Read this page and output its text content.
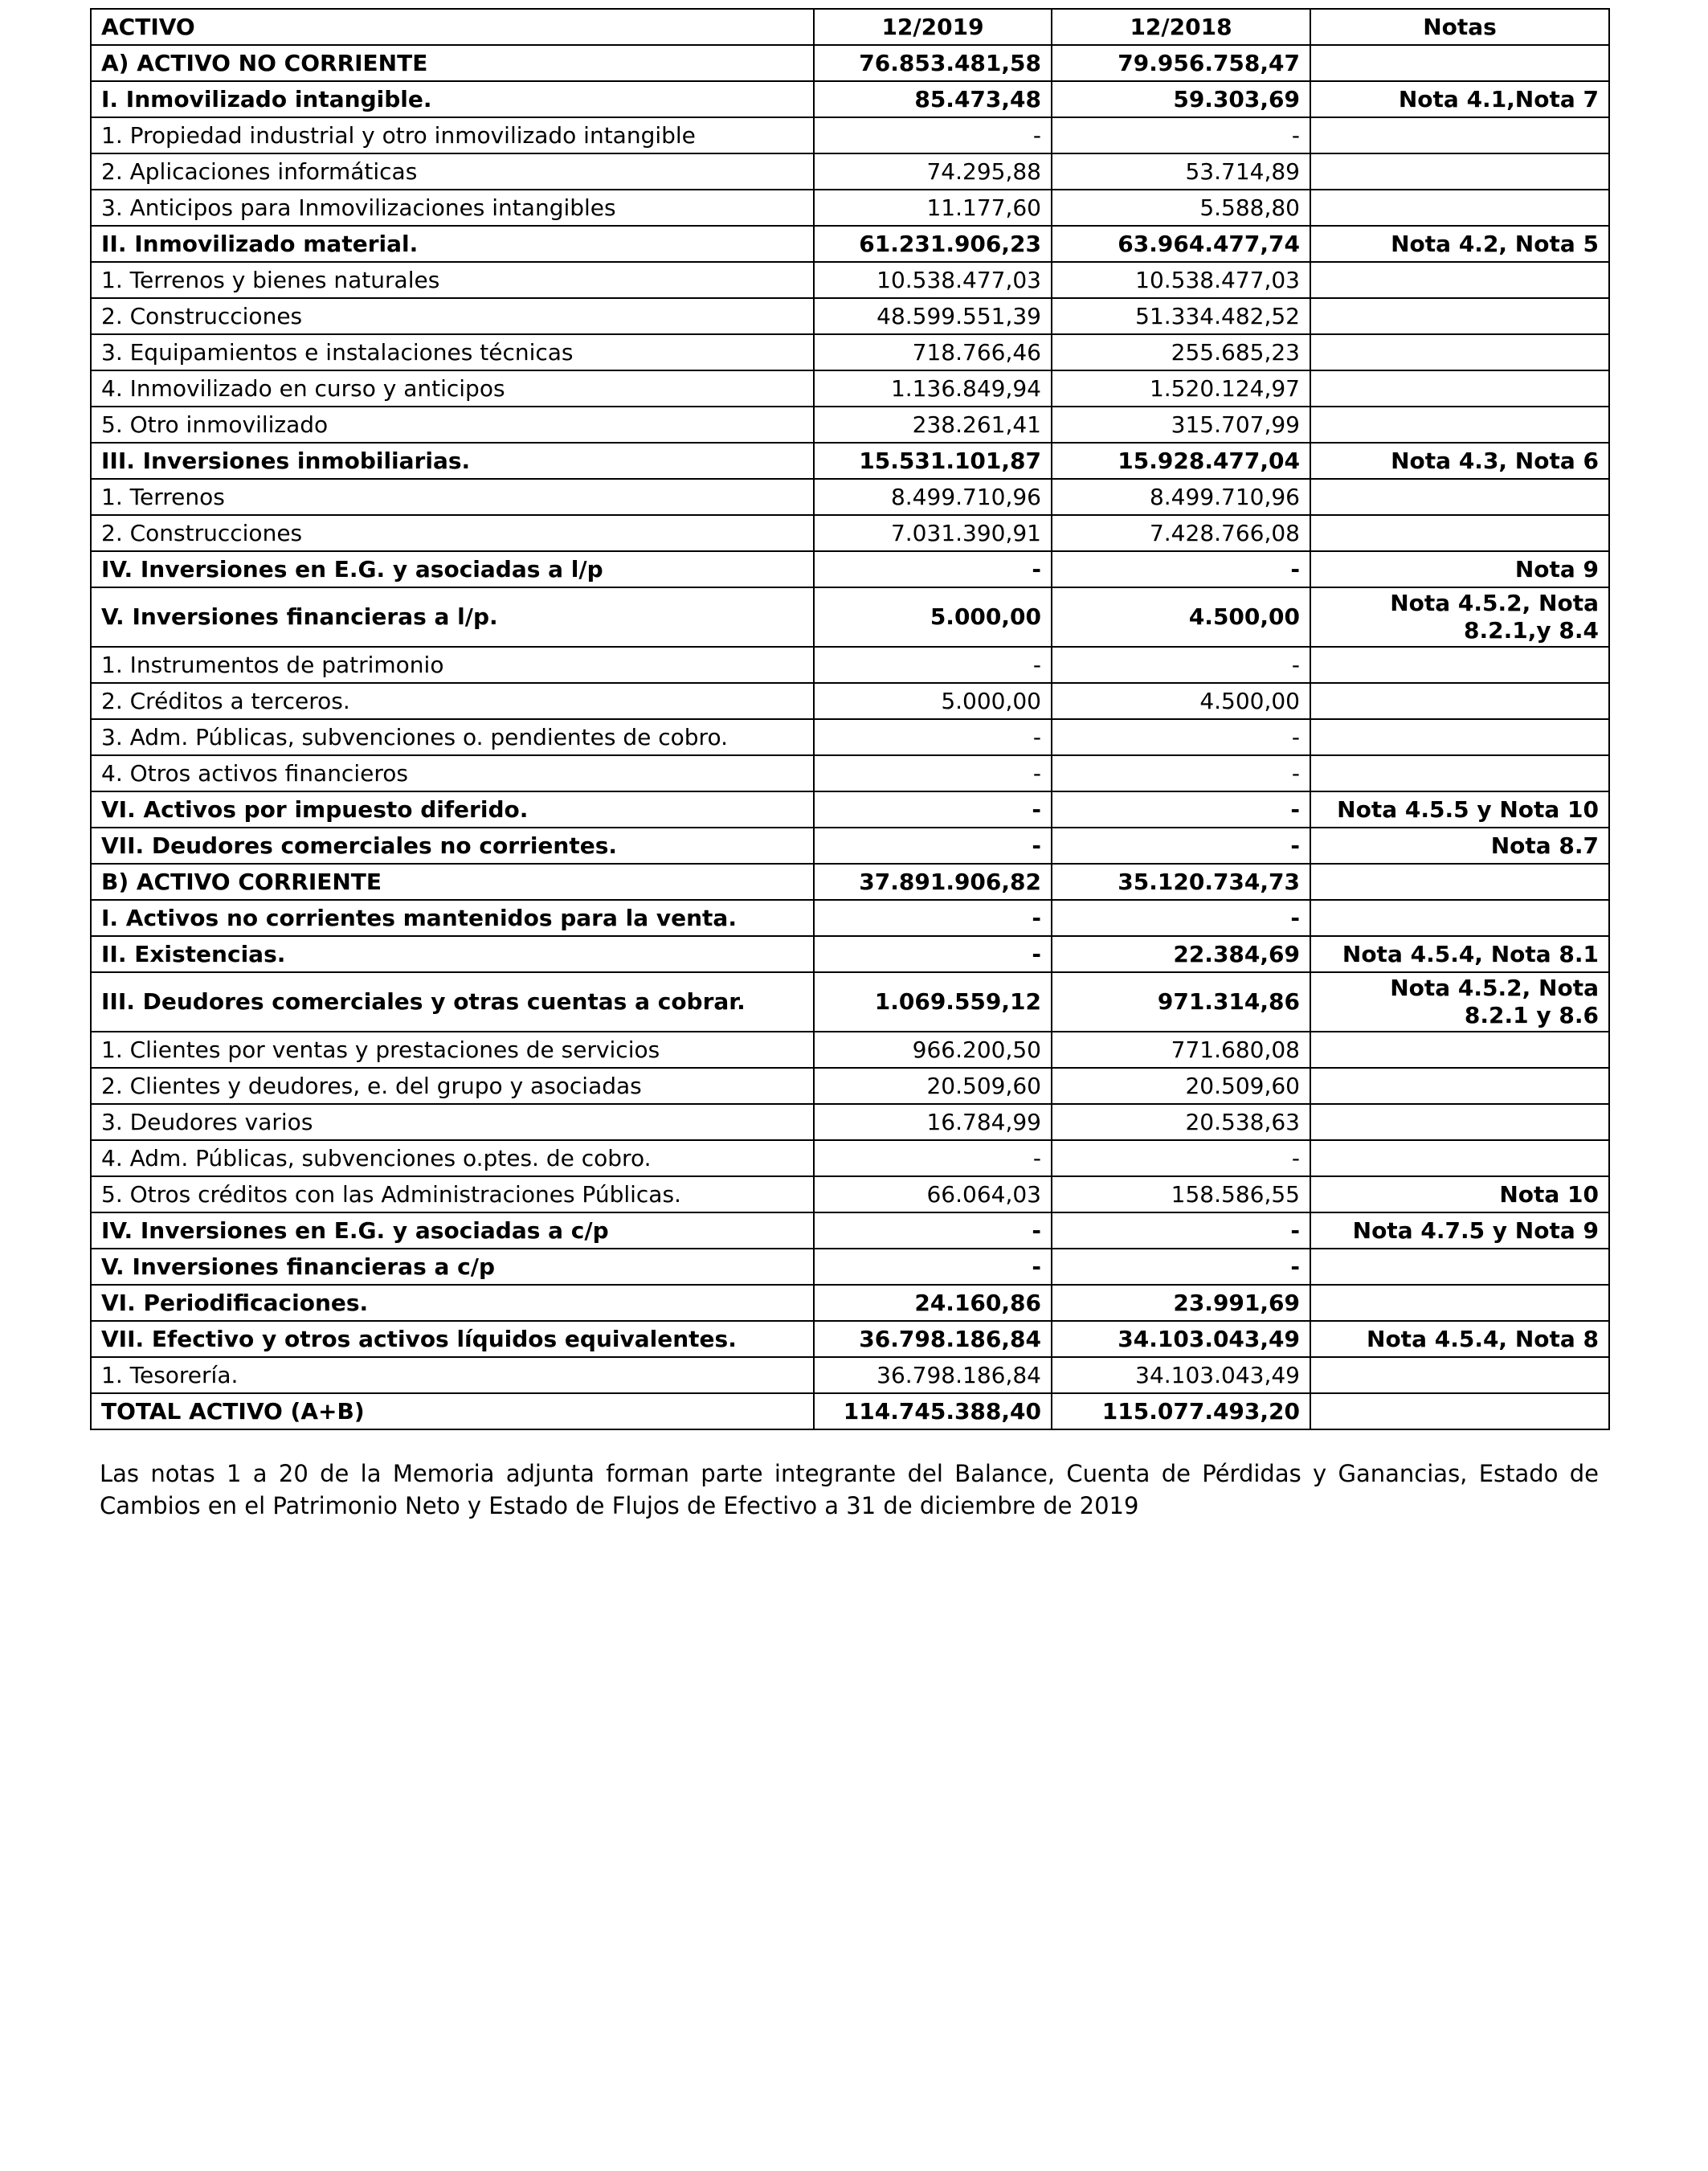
ACTIVO	12/2019	12/2018	Notas
A) ACTIVO NO CORRIENTE	76.853.481,58	79.956.758,47	
I. Inmovilizado intangible.	85.473,48	59.303,69	Nota 4.1,Nota 7
1. Propiedad industrial y otro inmovilizado intangible	-	-	
2. Aplicaciones informáticas	74.295,88	53.714,89	
3. Anticipos para Inmovilizaciones intangibles	11.177,60	5.588,80	
II. Inmovilizado material.	61.231.906,23	63.964.477,74	Nota 4.2, Nota 5
1. Terrenos y bienes naturales	10.538.477,03	10.538.477,03	
2. Construcciones	48.599.551,39	51.334.482,52	
3. Equipamientos e instalaciones técnicas	718.766,46	255.685,23	
4. Inmovilizado en curso y anticipos	1.136.849,94	1.520.124,97	
5. Otro inmovilizado	238.261,41	315.707,99	
III. Inversiones inmobiliarias.	15.531.101,87	15.928.477,04	Nota 4.3, Nota 6
1. Terrenos	8.499.710,96	8.499.710,96	
2. Construcciones	7.031.390,91	7.428.766,08	
IV. Inversiones en E.G. y asociadas a l/p	-	-	Nota 9
V. Inversiones financieras a l/p.	5.000,00	4.500,00	Nota 4.5.2, Nota 8.2.1,y 8.4
1. Instrumentos de patrimonio	-	-	
2. Créditos a terceros.	5.000,00	4.500,00	
3. Adm. Públicas, subvenciones o. pendientes de cobro.	-	-	
4. Otros activos financieros	-	-	
VI. Activos por impuesto diferido.	-	-	Nota 4.5.5 y Nota 10
VII. Deudores comerciales no corrientes.	-	-	Nota 8.7
B) ACTIVO CORRIENTE	37.891.906,82	35.120.734,73	
I. Activos no corrientes mantenidos para la venta.	-	-	
II. Existencias.	-	22.384,69	Nota 4.5.4, Nota 8.1
III. Deudores comerciales y otras cuentas a cobrar.	1.069.559,12	971.314,86	Nota 4.5.2, Nota 8.2.1 y 8.6
1. Clientes por ventas y prestaciones de servicios	966.200,50	771.680,08	
2. Clientes y deudores, e. del grupo y asociadas	20.509,60	20.509,60	
3. Deudores varios	16.784,99	20.538,63	
4. Adm. Públicas, subvenciones o.ptes. de cobro.	-	-	
5. Otros créditos con las Administraciones Públicas.	66.064,03	158.586,55	Nota 10
IV. Inversiones en E.G. y asociadas a c/p	-	-	Nota 4.7.5 y Nota 9
V. Inversiones financieras a c/p	-	-	
VI. Periodificaciones.	24.160,86	23.991,69	
VII. Efectivo y otros activos líquidos equivalentes.	36.798.186,84	34.103.043,49	Nota 4.5.4, Nota 8
1. Tesorería.	36.798.186,84	34.103.043,49	
TOTAL ACTIVO (A+B)	114.745.388,40	115.077.493,20	

Las notas 1 a 20 de la Memoria adjunta forman parte integrante del Balance, Cuenta de Pérdidas y Ganancias, Estado de Cambios en el Patrimonio Neto y Estado de Flujos de Efectivo a 31 de diciembre de 2019
